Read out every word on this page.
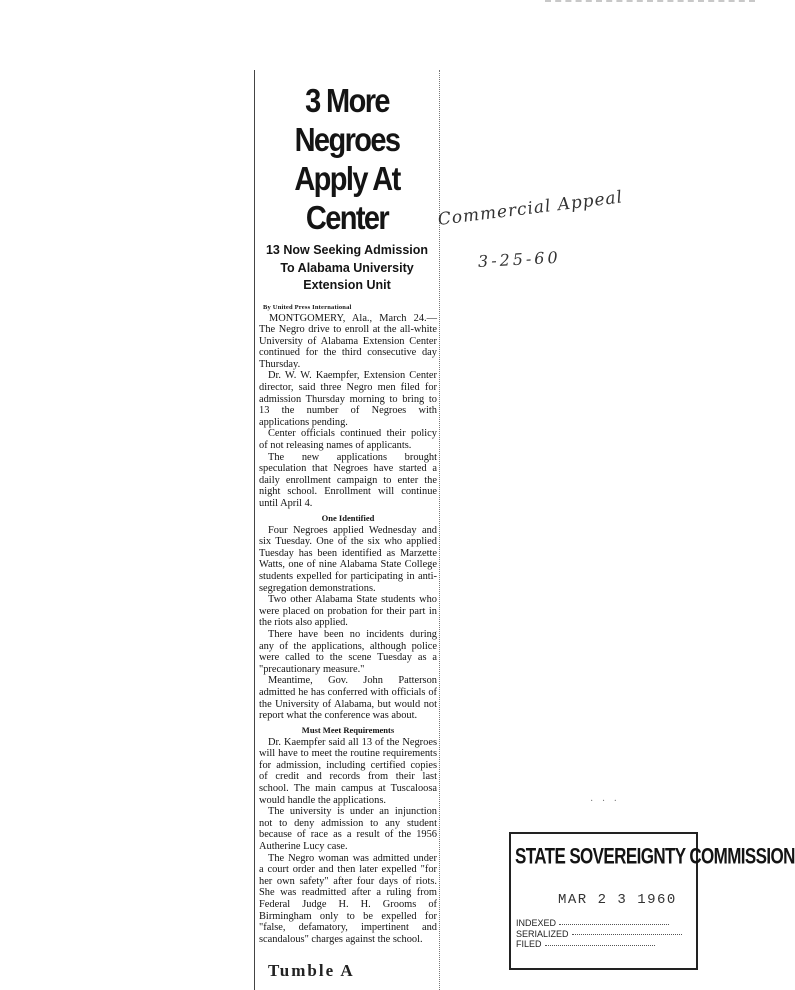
3 More Negroes Apply At Center
13 Now Seeking Admission To Alabama University Extension Unit
By United Press International

MONTGOMERY, Ala., March 24.—The Negro drive to enroll at the all-white University of Alabama Extension Center continued for the third consecutive day Thursday.

Dr. W. W. Kaempfer, Extension Center director, said three Negro men filed for admission Thursday morning to bring to 13 the number of Negroes with applications pending.

Center officials continued their policy of not releasing names of applicants.

The new applications brought speculation that Negroes have started a daily enrollment campaign to enter the night school. Enrollment will continue until April 4.

One Identified

Four Negroes applied Wednesday and six Tuesday. One of the six who applied Tuesday has been identified as Marzette Watts, one of nine Alabama State College students expelled for participating in anti-segregation demonstrations.

Two other Alabama State students who were placed on probation for their part in the riots also applied.

There have been no incidents during any of the applications, although police were called to the scene Tuesday as a "precautionary measure."

Meantime, Gov. John Patterson admitted he has conferred with officials of the University of Alabama, but would not report what the conference was about.

Must Meet Requirements

Dr. Kaempfer said all 13 of the Negroes will have to meet the routine requirements for admission, including certified copies of credit and records from their last school. The main campus at Tuscaloosa would handle the applications.

The university is under an injunction not to deny admission to any student because of race as a result of the 1956 Autherine Lucy case.

The Negro woman was admitted under a court order and then later expelled "for her own safety" after four days of riots. She was readmitted after a ruling from Federal Judge H. H. Grooms of Birmingham only to be expelled for "false, defamatory, impertinent and scandalous" charges against the school.

Tumble A
Commercial Appeal
3-25-60
· · ·
STATE SOVEREIGNTY COMMISSION
MAR 2 3 1960
INDEXED
SERIALIZED
FILED
